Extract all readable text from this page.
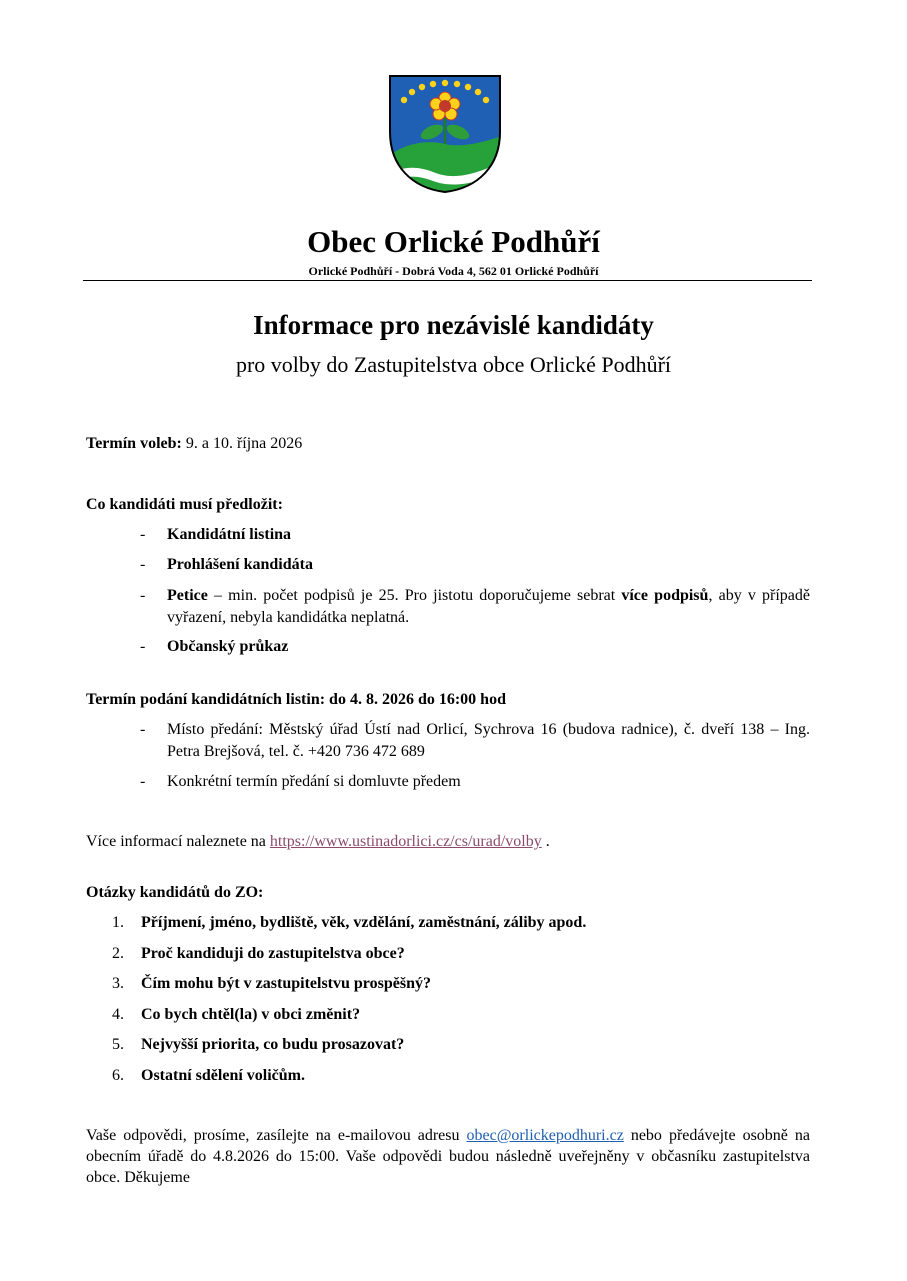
Obec Orlické Podhůří
Orlické Podhůří - Dobrá Voda 4, 562 01 Orlické Podhůří
Informace pro nezávislé kandidáty
pro volby do Zastupitelstva obce Orlické Podhůří
Termín voleb: 9. a 10. října 2026
Co kandidáti musí předložit:
- Kandidátní listina
- Prohlášení kandidáta
- Petice – min. počet podpisů je 25. Pro jistotu doporučujeme sebrat více podpisů, aby v případě vyřazení, nebyla kandidátka neplatná.
- Občanský průkaz
Termín podání kandidátních listin: do 4. 8. 2026 do 16:00 hod
- Místo předání: Městský úřad Ústí nad Orlicí, Sychrova 16 (budova radnice), č. dveří 138 – Ing. Petra Brejšová, tel. č. +420 736 472 689
- Konkrétní termín předání si domluvte předem
Více informací naleznete na https://www.ustinadorlici.cz/cs/urad/volby .
Otázky kandidátů do ZO:
1. Příjmení, jméno, bydliště, věk, vzdělání, zaměstnání, záliby apod.
2. Proč kandiduji do zastupitelstva obce?
3. Čím mohu být v zastupitelstvu prospěšný?
4. Co bych chtěl(la) v obci změnit?
5. Nejvyšší priorita, co budu prosazovat?
6. Ostatní sdělení voličům.
Vaše odpovědi, prosíme, zasílejte na e-mailovou adresu obec@orlickepodhuri.cz nebo předávejte osobně na obecním úřadě do 4.8.2026 do 15:00. Vaše odpovědi budou následně uveřejněny v občasníku zastupitelstva obce. Děkujeme
